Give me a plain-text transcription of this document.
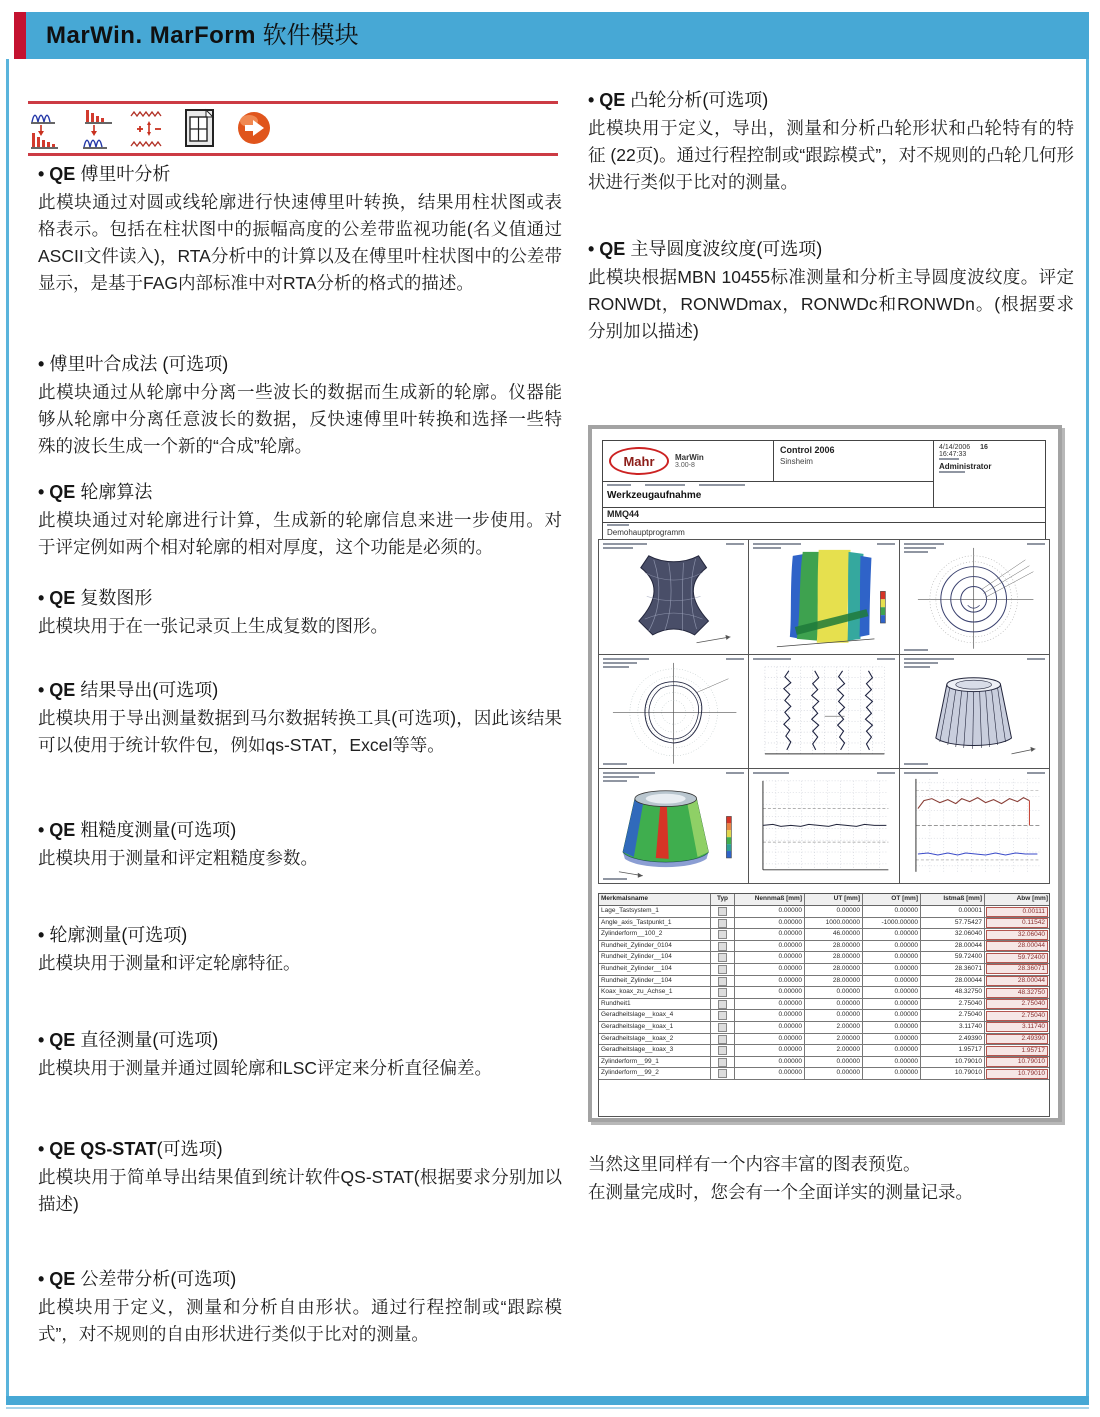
MarWin. MarForm 软件模块
• QE 傅里叶分析
此模块通过对圆或线轮廓进行快速傅里叶转换，结果用柱状图或表格表示。包括在柱状图中的振幅高度的公差带监视功能(名义值通过ASCII文件读入)，RTA分析中的计算以及在傅里叶柱状图中的公差带显示，是基于FAG内部标准中对RTA分析的格式的描述。
• 傅里叶合成法 (可选项)
此模块通过从轮廓中分离一些波长的数据而生成新的轮廓。仪器能够从轮廓中分离任意波长的数据，反快速傅里叶转换和选择一些特殊的波长生成一个新的“合成”轮廓。
• QE 轮廓算法
此模块通过对轮廓进行计算，生成新的轮廓信息来进一步使用。对于评定例如两个相对轮廓的相对厚度，这个功能是必须的。
• QE 复数图形
此模块用于在一张记录页上生成复数的图形。
• QE 结果导出(可选项)
此模块用于导出测量数据到马尔数据转换工具(可选项)，因此该结果可以使用于统计软件包，例如qs-STAT，Excel等等。
• QE 粗糙度测量(可选项)
此模块用于测量和评定粗糙度参数。
• 轮廓测量(可选项)
此模块用于测量和评定轮廓特征。
• QE 直径测量(可选项)
此模块用于测量并通过圆轮廓和LSC评定来分析直径偏差。
• QE QS-STAT(可选项)
此模块用于简单导出结果值到统计软件QS-STAT(根据要求分别加以描述)
• QE 公差带分析(可选项)
此模块用于定义，测量和分析自由形状。通过行程控制或“跟踪模式”，对不规则的自由形状进行类似于比对的测量。
• QE 凸轮分析(可选项)
此模块用于定义，导出，测量和分析凸轮形状和凸轮特有的特征 (22页)。通过行程控制或“跟踪模式”，对不规则的凸轮几何形状进行类似于比对的测量。
• QE 主导圆度波纹度(可选项)
此模块根据MBN 10455标准测量和分析主导圆度波纹度。评定RONWDt，RONWDmax，RONWDc和RONWDn。(根据要求分别加以描述)
当然这里同样有一个内容丰富的图表预览。
在测量完成时，您会有一个全面详实的测量记录。
Mahr	MarWin
3.00-8
Control 2006
Sinsheim
4/14/2006 16
16:47:33
Administrator
Werkzeugaufnahme
MMQ44
Demohauptprogramm
Merkmalsname	Typ	Nennmaß [mm]	UT [mm]	OT [mm]	Istmaß [mm]	Abw [mm]
Lage_Tastsystem_1	0.00000	0.00000	0.00000	0.00001	0.00111
Angle_axis_Tastpunkt_1	0.00000	1000.00000	-1000.00000	57.75427	0.11542
Zylinderform__100_2	0.00000	46.00000	0.00000	32.06040	32.06040
Rundheit_Zylinder_0104	0.00000	28.00000	0.00000	28.00044	28.00044
Rundheit_Zylinder__104	0.00000	28.00000	0.00000	59.72400	59.72400
Rundheit_Zylinder__104	0.00000	28.00000	0.00000	28.36071	28.36071
Rundheit_Zylinder__104	0.00000	28.00000	0.00000	28.00044	28.00044
Koax_koax_zu_Achse_1	0.00000	0.00000	0.00000	48.32750	48.32750
Rundheit1	0.00000	0.00000	0.00000	2.75040	2.75040
Geradheitslage__koax_4	0.00000	0.00000	0.00000	2.75040	2.75040
Geradheitslage__koax_1	0.00000	2.00000	0.00000	3.11740	3.11740
Geradheitslage__koax_2	0.00000	2.00000	0.00000	2.49390	2.49390
Geradheitslage__koax_3	0.00000	2.00000	0.00000	1.95717	1.95717
Zylinderform__99_1	0.00000	0.00000	0.00000	10.79010	10.79010
Zylinderform__99_2	0.00000	0.00000	0.00000	10.79010	10.79010
